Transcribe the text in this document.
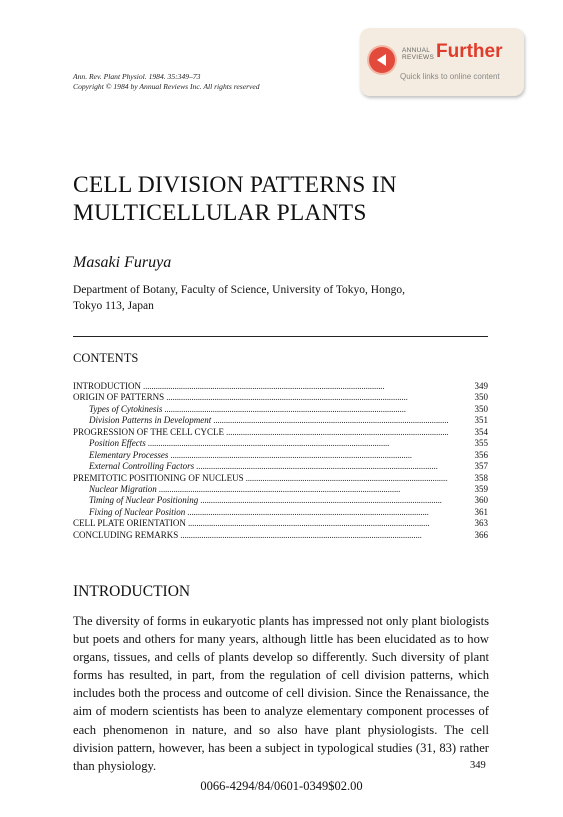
Ann. Rev. Plant Physiol. 1984. 35:349–73
Copyright © 1984 by Annual Reviews Inc. All rights reserved
ANNUAL
REVIEWS Further
Quick links to online content
CELL DIVISION PATTERNS IN
MULTICELLULAR PLANTS
Masaki Furuya
Department of Botany, Faculty of Science, University of Tokyo, Hongo,
Tokyo 113, Japan
CONTENTS
INTRODUCTION . . .	349
ORIGIN OF PATTERNS . . .	350
Types of Cytokinesis . . .	350
Division Patterns in Development . . .	351
PROGRESSION OF THE CELL CYCLE . . .	354
Position Effects . . .	355
Elementary Processes . . .	356
External Controlling Factors . . .	357
PREMITOTIC POSITIONING OF NUCLEUS . . .	358
Nuclear Migration . . .	359
Timing of Nuclear Positioning . . .	360
Fixing of Nuclear Position . . .	361
CELL PLATE ORIENTATION . . .	363
CONCLUDING REMARKS . . .	366
INTRODUCTION
The diversity of forms in eukaryotic plants has impressed not only plant biologists but poets and others for many years, although little has been elucidated as to how organs, tissues, and cells of plants develop so differently. Such diversity of plant forms has resulted, in part, from the regulation of cell division patterns, which includes both the process and outcome of cell division. Since the Renaissance, the aim of modern scientists has been to analyze elementary component processes of each phenomenon in nature, and so also have plant physiologists. The cell division pattern, however, has been a subject in typological studies (31, 83) rather than physiology.	349
0066-4294/84/0601-0349$02.00
